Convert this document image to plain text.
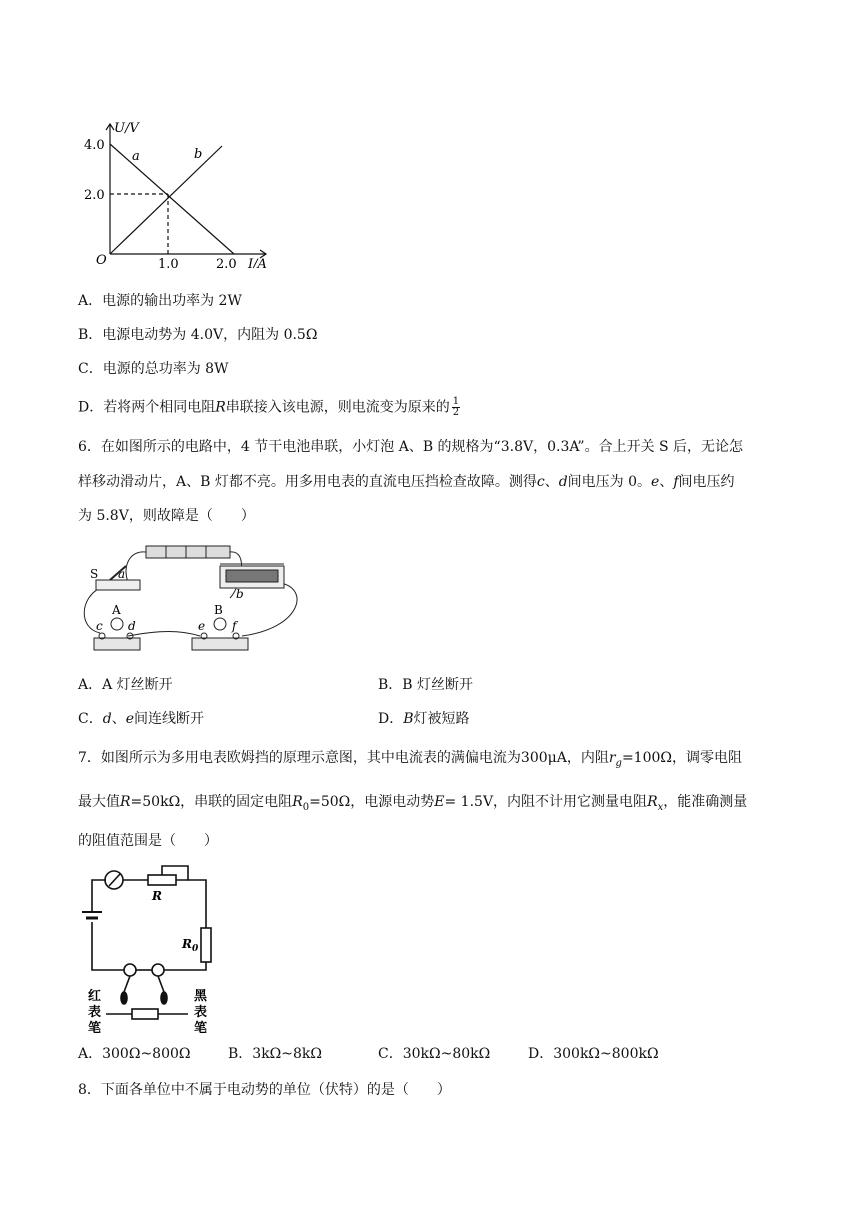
U/V
I/A
O
4.0
2.0
1.0	2.0
a	b
A．电源的输出功率为 2W
B．电源电动势为 4.0V，内阻为 0.5Ω
C．电源的总功率为 8W
D．若将两个相同电阻R串联接入该电源，则电流变为原来的 $\frac{1}{2}$
6．在如图所示的电路中，4 节干电池串联，小灯泡 A、B 的规格为“3.8V，0.3A”。合上开关 S 后，无论怎
样移动滑动片，A、B 灯都不亮。用多用电表的直流电压挡检查故障。测得c、d间电压为 0。e、f间电压约
为 5.8V，则故障是（　　）
S a
b
A	B
c d	e f
A．A 灯丝断开	B．B 灯丝断开
C．d、e间连线断开	D．B灯被短路
7．如图所示为多用电表欧姆挡的原理示意图，其中电流表的满偏电流为300μA，内阻$r_g=100\Omega$，调零电阻
最大值R=50kΩ，串联的固定电阻$R_0=50\Omega$，电源电动势E= 1.5V，内阻不计用它测量电阻$R_x$，能准确测量
的阻值范围是（　　）
R
$R_0$
红
表
笔
黑
表
笔
A．300Ω~800Ω	B．3kΩ~8kΩ	C．30kΩ~80kΩ	D．300kΩ~800kΩ
8．下面各单位中不属于电动势的单位（伏特）的是（　　）
